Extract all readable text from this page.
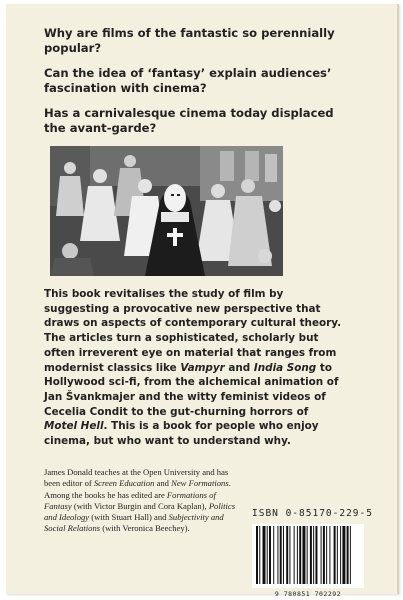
Why are films of the fantastic so perennially popular?

Can the idea of ‘fantasy’ explain audiences’ fascination with cinema?

Has a carnivalesque cinema today displaced the avant-garde?

This book revitalises the study of film by suggesting a provocative new perspective that draws on aspects of contemporary cultural theory. The articles turn a sophisticated, scholarly but often irreverent eye on material that ranges from modernist classics like Vampyr and India Song to Hollywood sci-fi, from the alchemical animation of Jan Švankmajer and the witty feminist videos of Cecelia Condit to the gut-churning horrors of Motel Hell. This is a book for people who enjoy cinema, but who want to understand why.

James Donald teaches at the Open University and has been editor of Screen Education and New Formations. Among the books he has edited are Formations of Fantasy (with Victor Burgin and Cora Kaplan), Politics and Ideology (with Stuart Hall) and Subjectivity and Social Relations (with Veronica Beechey).

ISBN 0-85170-229-5
9 780851 702292
